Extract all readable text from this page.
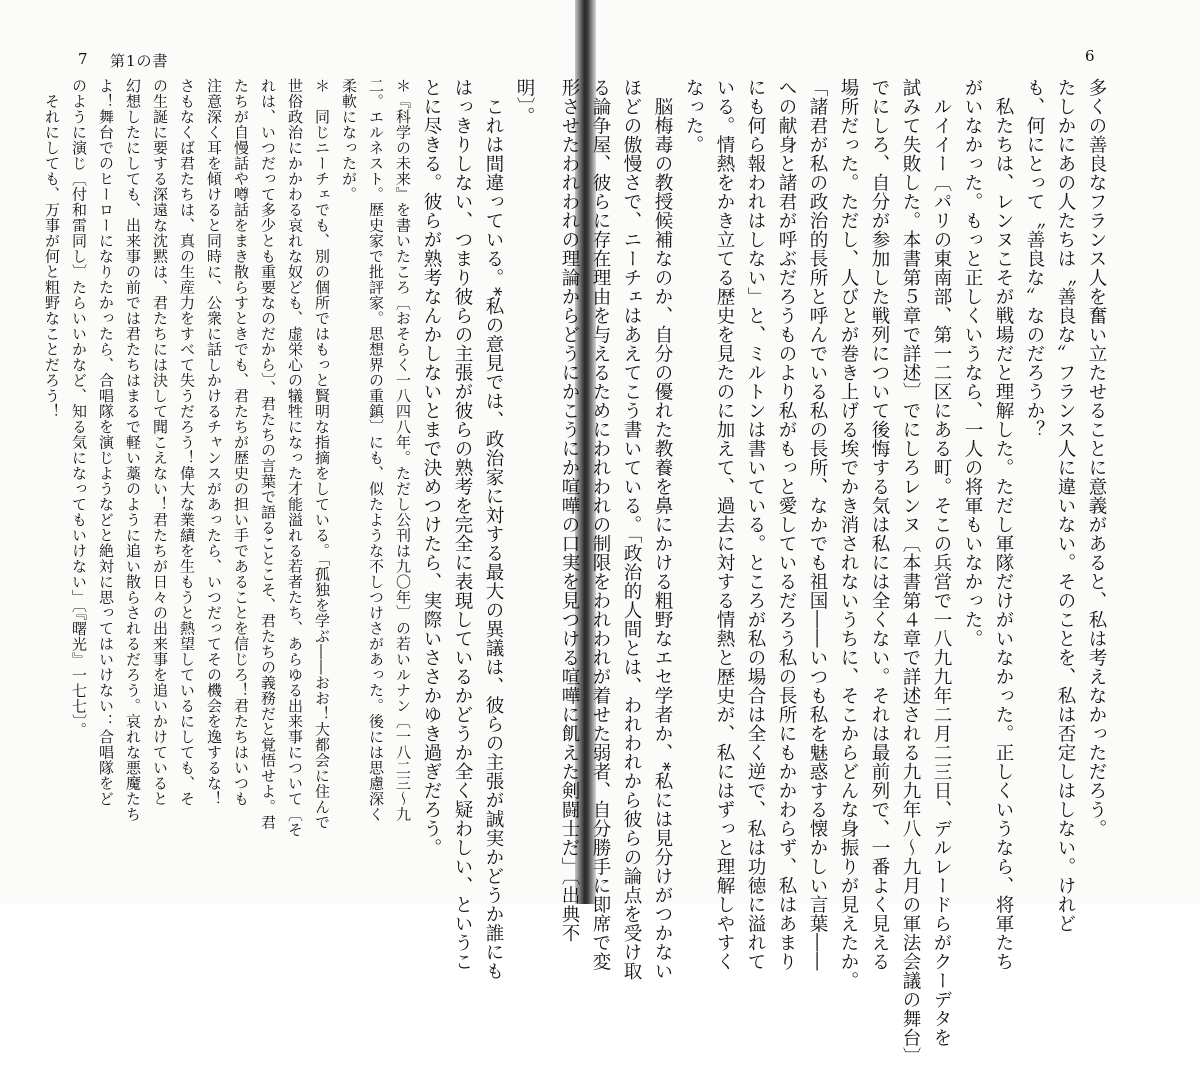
7 第1の書	6
多くの善良なフランス人を奮い立たせることに意義があると、私は考えなかっただろう。
たしかにあの人たちは〝善良な〟フランス人に違いない。そのことを、私は否定しはしない。けれど
も、何にとって〝善良な〟なのだろうか？
　私たちは、レンヌこそが戦場だと理解した。ただし軍隊だけがいなかった。正しくいうなら、将軍たち
がいなかった。もっと正しくいうなら、一人の将軍もいなかった。
　ルイイー〔パリの東南部、第一二区にある町。そこの兵営で一八九九年二月二三日、デルレードらがクーデタを
試みて失敗した。本書第５章で詳述〕でにしろレンヌ〔本書第４章で詳述される九九年八〜九月の軍法会議の舞台〕
でにしろ、自分が参加した戦列について後悔する気は私には全くない。それは最前列で、一番よく見える
場所だった。ただし、人びとが巻き上げる埃でかき消されないうちに、そこからどんな身振りが見えたか。
「諸君が私の政治的長所と呼んでいる私の長所、なかでも祖国――いつも私を魅惑する懐かしい言葉――
への献身と諸君が呼ぶだろうものより私がもっと愛しているだろう私の長所にもかかわらず、私はあまり
にも何ら報われはしない」と、ミルトンは書いている。ところが私の場合は全く逆で、私は功徳に溢れて
いる。情熱をかき立てる歴史を見たのに加えて、過去に対する情熱と歴史が、私にはずっと理解しやすく
なった。
　脳梅毒の教授候補なのか、自分の優れた教養を鼻にかける粗野なエセ学者か、*私には見分けがつかない
ほどの傲慢さで、ニーチェはあえてこう書いている。「政治的人間とは、われわれから彼らの論点を受け取
る論争屋、彼らに存在理由を与えるためにわれわれの制限をわれわれが着せた弱者、自分勝手に即席で変
形させたわれわれの理論からどうにかこうにか喧嘩の口実を見つける喧嘩に飢えた剣闘士だ」〔出典不
明〕。
　これは間違っている。*私の意見では、政治家に対する最大の異議は、彼らの主張が誠実かどうか誰にも
はっきりしない、つまり彼らの主張が彼らの熟考を完全に表現しているかどうか全く疑わしい、というこ
とに尽きる。彼らが熟考なんかしないとまで決めつけたら、実際いささかゆき過ぎだろう。
＊『科学の未来』を書いたころ〔おそらく一八四八年。ただし公刊は九〇年〕の若いルナン〔一八二三〜九
二。エルネスト。歴史家で批評家。思想界の重鎮〕にも、似たような不しつけさがあった。後には思慮深く
柔軟になったが。
＊　同じニーチェでも、別の個所ではもっと賢明な指摘をしている。「孤独を学ぶ――おお！大都会に住んで
世俗政治にかかわる哀れな奴ども、虚栄心の犠牲になった才能溢れる若者たち、あらゆる出来事について〔そ
れは、いつだって多少とも重要なのだから〕、君たちの言葉で語ることこそ、君たちの義務だと覚悟せよ。君
たちが自慢話や噂話をまき散らすときでも、君たちが歴史の担い手であることを信じろ！君たちはいつも
注意深く耳を傾けると同時に、公衆に話しかけるチャンスがあったら、いつだってその機会を逸するな！
さもなくば君たちは、真の生産力をすべて失うだろう！偉大な業績を生もうと熱望しているにしても、そ
の生誕に要する深遠な沈黙は、君たちには決して聞こえない！君たちが日々の出来事を追いかけていると
幻想したにしても、出来事の前では君たちはまるで軽い藁のように追い散らされるだろう。哀れな悪魔たち
よ！舞台でのヒーローになりたかったら、合唱隊を演じようなどと絶対に思ってはいけない：合唱隊をど
のように演じ〔付和雷同し〕たらいいかなど、知る気になってもいけない」〔『曙光』一七七〕。
　それにしても、万事が何と粗野なことだろう！
